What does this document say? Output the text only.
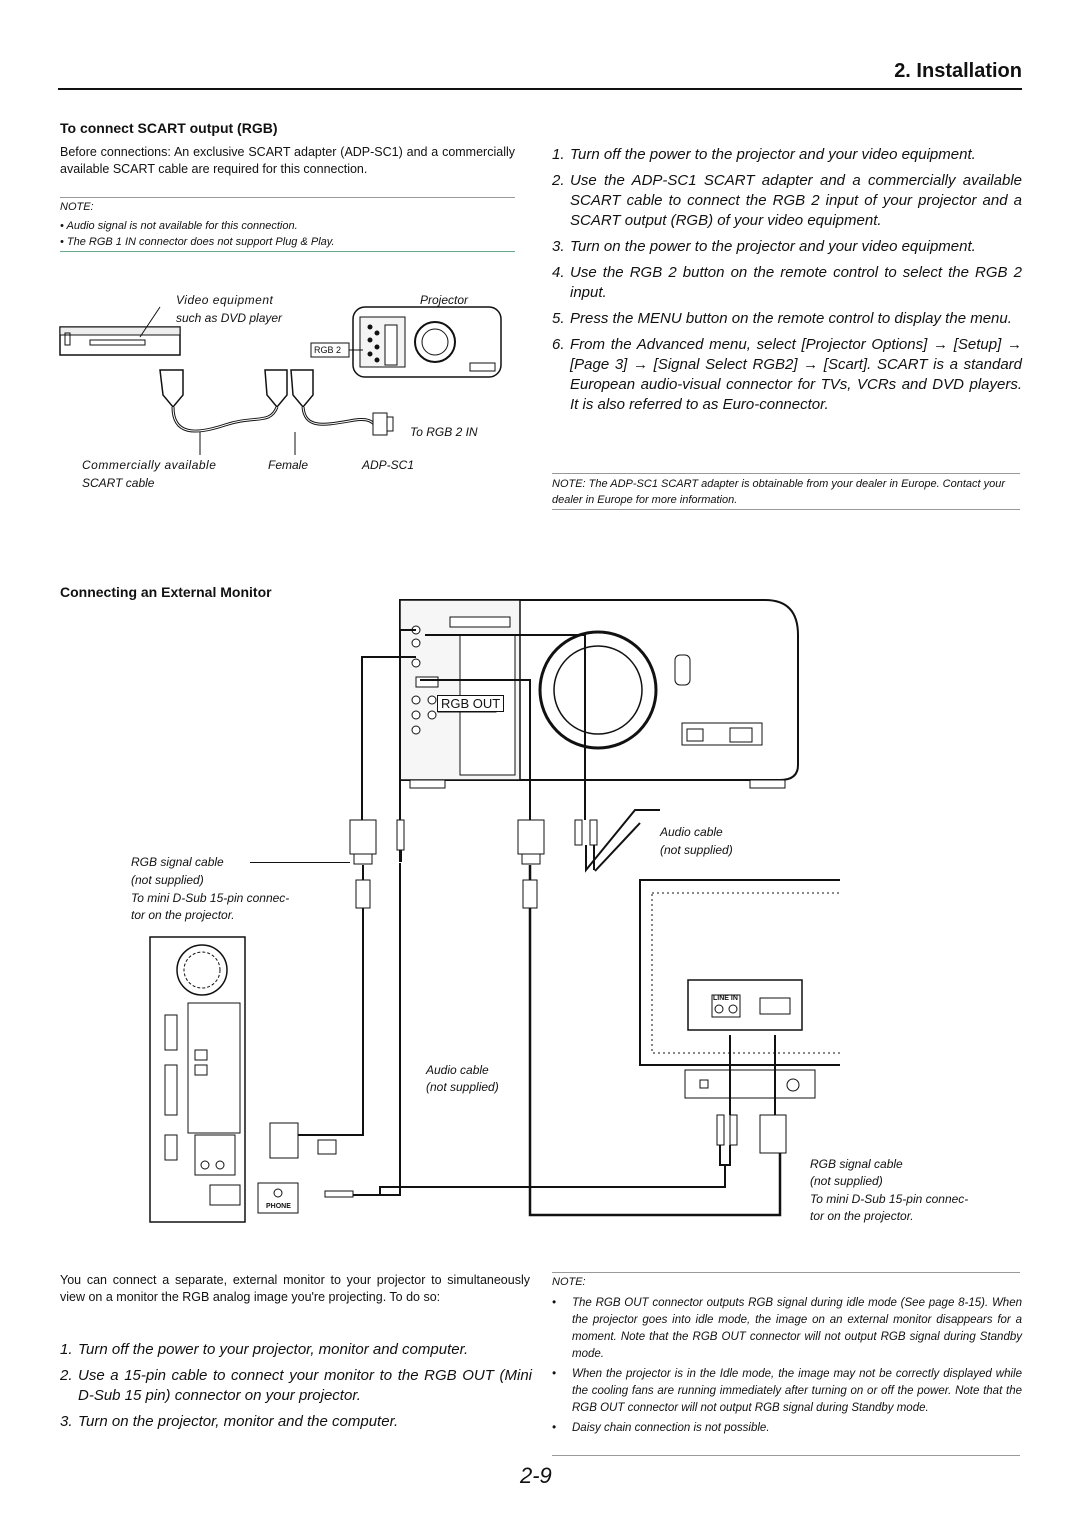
2. Installation
To connect SCART output (RGB)
Before connections: An exclusive SCART adapter (ADP-SC1) and a commercially available SCART cable are required for this connection.
NOTE:
• Audio signal is not available for this connection.
• The RGB 1 IN connector does not support Plug & Play.
Video equipment
such as DVD player
Projector
RGB 2
To RGB 2 IN
Commercially available
SCART cable
Female	ADP-SC1
1. Turn off the power to the projector and your video equipment.
2. Use the ADP-SC1 SCART adapter and a commercially available SCART cable to connect the RGB 2 input of your projector and a SCART output (RGB) of your video equipment.
3. Turn on the power to the projector and your video equipment.
4. Use the RGB 2 button on the remote control to select the RGB 2 input.
5. Press the MENU button on the remote control to display the menu.
6. From the Advanced menu, select [Projector Options] → [Setup] → [Page 3] → [Signal Select RGB2] → [Scart]. SCART is a standard European audio-visual connector for TVs, VCRs and DVD players. It is also referred to as Euro-connector.
NOTE: The ADP-SC1 SCART adapter is obtainable from your dealer in Europe. Contact your dealer in Europe for more information.
Connecting an External Monitor
RGB OUT
Audio cable
(not supplied)
RGB signal cable
(not supplied)
To mini D-Sub 15-pin connec-
tor on the projector.
Audio cable
(not supplied)
LINE IN
PHONE
RGB signal cable
(not supplied)
To mini D-Sub 15-pin connec-
tor on the projector.
You can connect a separate, external monitor to your projector to simultaneously view on a monitor the RGB analog image you're projecting. To do so:
1. Turn off the power to your projector, monitor and computer.
2. Use a 15-pin cable to connect your monitor to the RGB OUT (Mini D-Sub 15 pin) connector on your projector.
3. Turn on the projector, monitor and the computer.
NOTE:
•	The RGB OUT connector outputs RGB signal during idle mode (See page 8-15). When the projector goes into idle mode, the image on an external monitor disappears for a moment. Note that the RGB OUT connector will not output RGB signal during Standby mode.
•	When the projector is in the Idle mode, the image may not be correctly displayed while the cooling fans are running immediately after turning on or off the power. Note that the RGB OUT connector will not output RGB signal during Standby mode.
•	Daisy chain connection is not possible.
2-9
